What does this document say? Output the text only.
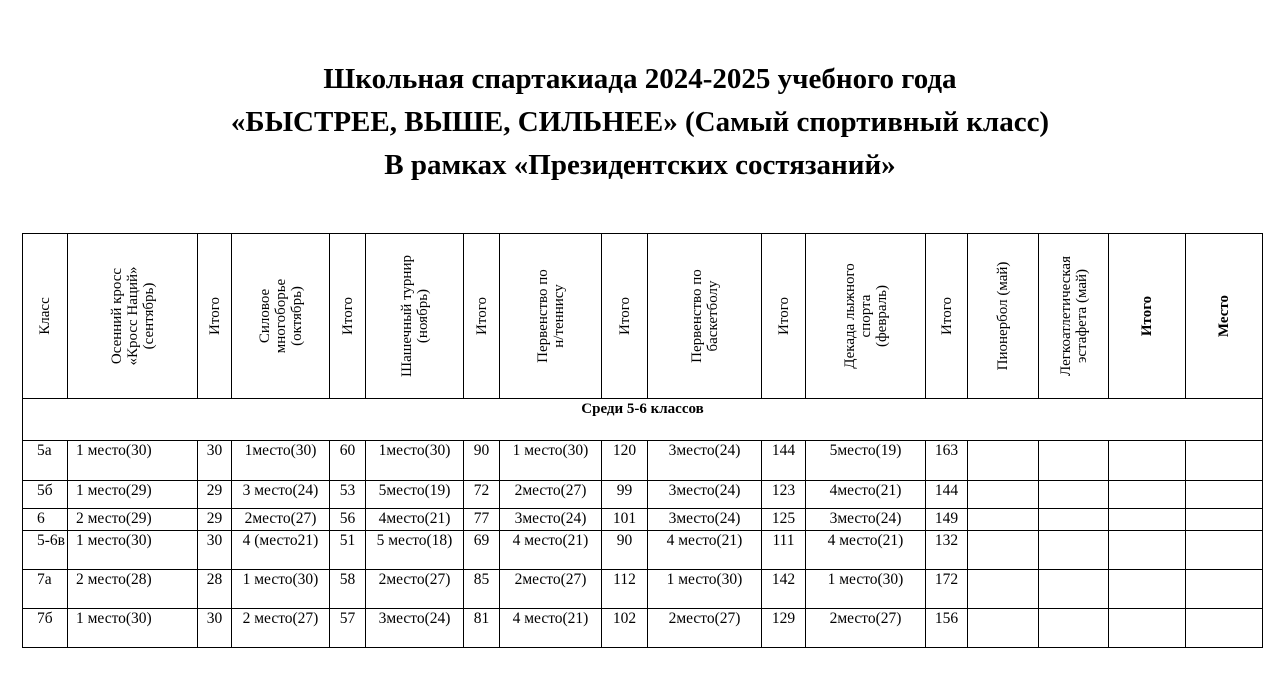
Школьная спартакиада 2024-2025 учебного года
«БЫСТРЕЕ, ВЫШЕ, СИЛЬНЕЕ» (Самый спортивный класс)
В рамках «Президентских состязаний»
Класс	Осенний кросс «Кросс Наций» (сентябрь)	Итого	Силовое многоборье (октябрь)	Итого	Шашечный турнир (ноябрь)	Итого	Первенство по н/теннису	Итого	Первенство по баскетболу	Итого	Декада лыжного спорта (февраль)	Итого	Пионербол (май)	Легкоатлетическая эстафета (май)	Итого	Место

Среди 5-6 классов																
5а	1 место(30)	30	1место(30)	60	1место(30)	90	1 место(30)	120	3место(24)	144	5место(19)	163				
5б	1 место(29)	29	3 место(24)	53	5место(19)	72	2место(27)	99	3место(24)	123	4место(21)	144				
6	2 место(29)	29	2место(27)	56	4место(21)	77	3место(24)	101	3место(24)	125	3место(24)	149				
5-6в	1 место(30)	30	4 (место21)	51	5 место(18)	69	4 место(21)	90	4 место(21)	111	4 место(21)	132				
7а	2 место(28)	28	1 место(30)	58	2место(27)	85	2место(27)	112	1 место(30)	142	1 место(30)	172				
7б	1 место(30)	30	2 место(27)	57	3место(24)	81	4 место(21)	102	2место(27)	129	2место(27)	156				
